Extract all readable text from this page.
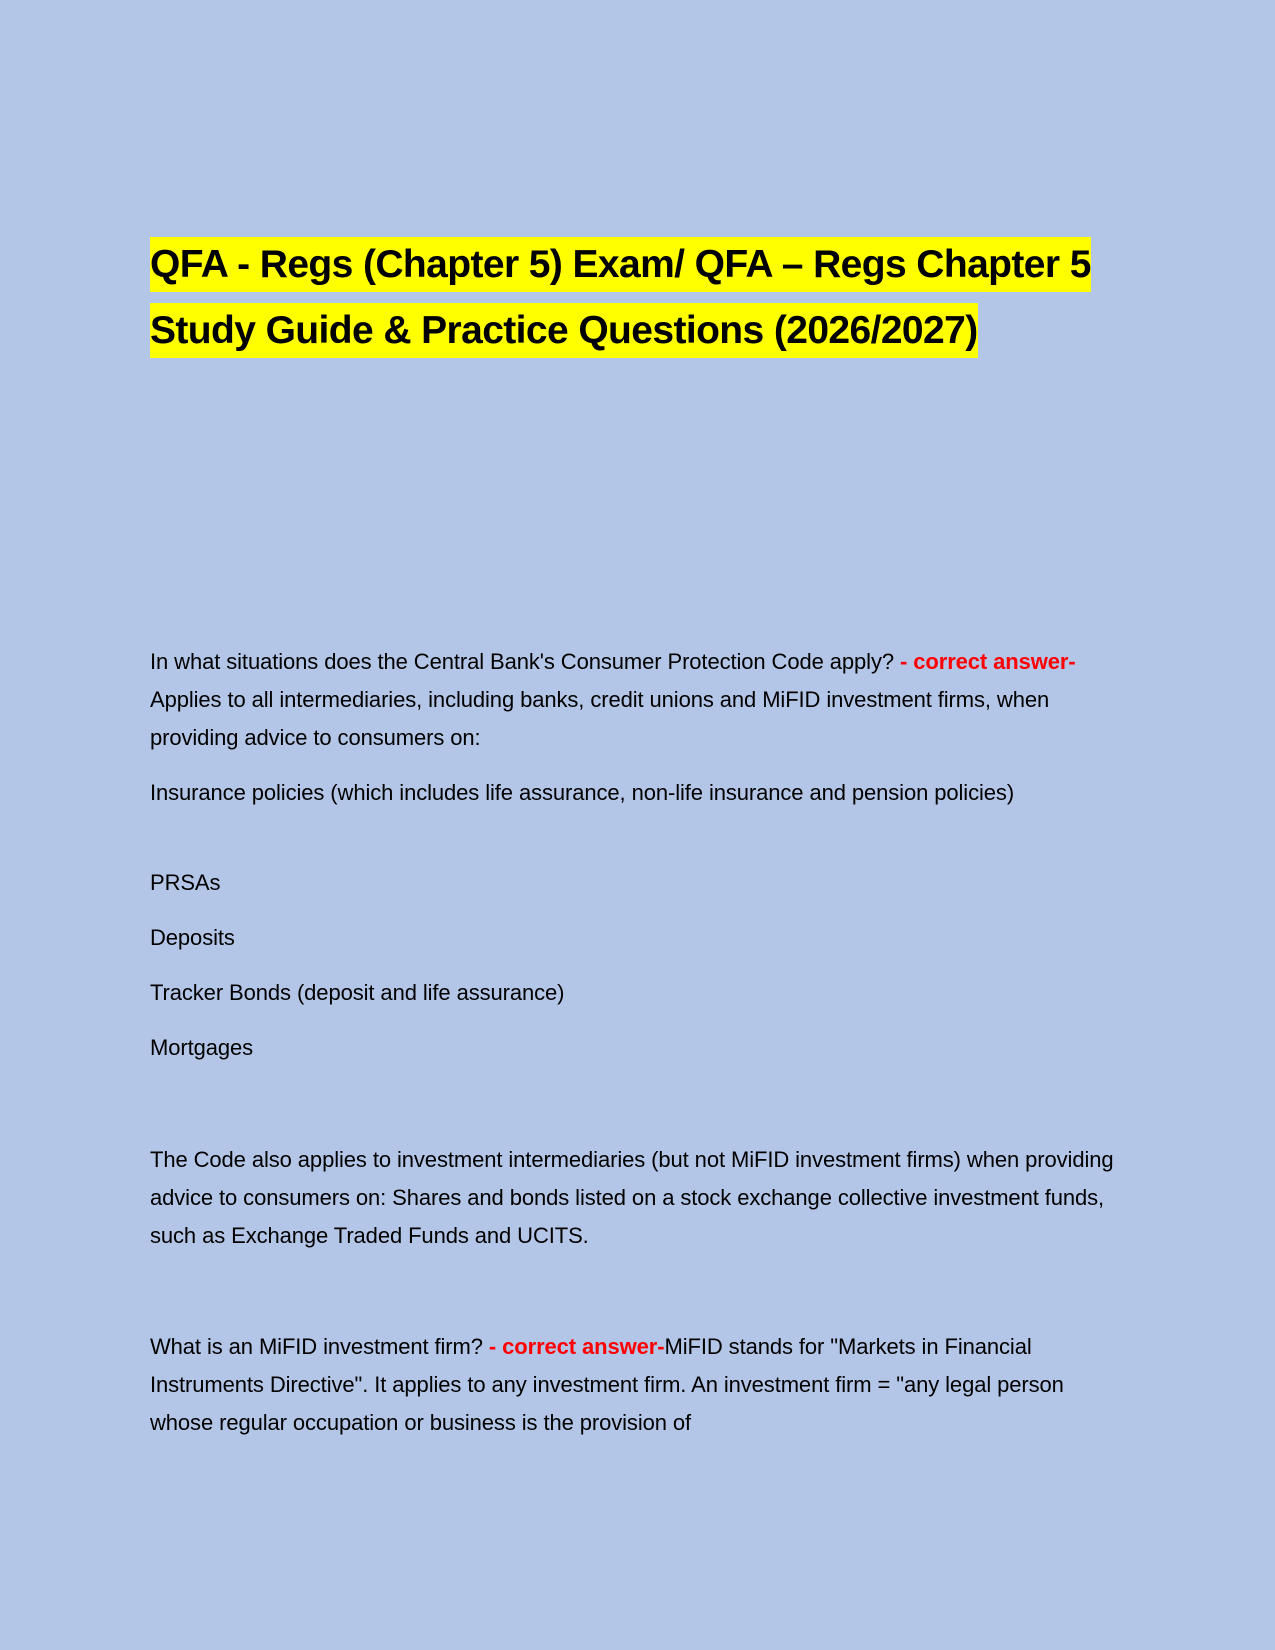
QFA - Regs (Chapter 5) Exam/ QFA – Regs Chapter 5 Study Guide & Practice Questions (2026/2027)

In what situations does the Central Bank's Consumer Protection Code apply? - correct answer-Applies to all intermediaries, including banks, credit unions and MiFID investment firms, when providing advice to consumers on:

Insurance policies (which includes life assurance, non-life insurance and pension policies)

PRSAs

Deposits

Tracker Bonds (deposit and life assurance)

Mortgages

The Code also applies to investment intermediaries (but not MiFID investment firms) when providing advice to consumers on: Shares and bonds listed on a stock exchange collective investment funds, such as Exchange Traded Funds and UCITS.

What is an MiFID investment firm? - correct answer-MiFID stands for "Markets in Financial Instruments Directive". It applies to any investment firm. An investment firm = "any legal person whose regular occupation or business is the provision of
